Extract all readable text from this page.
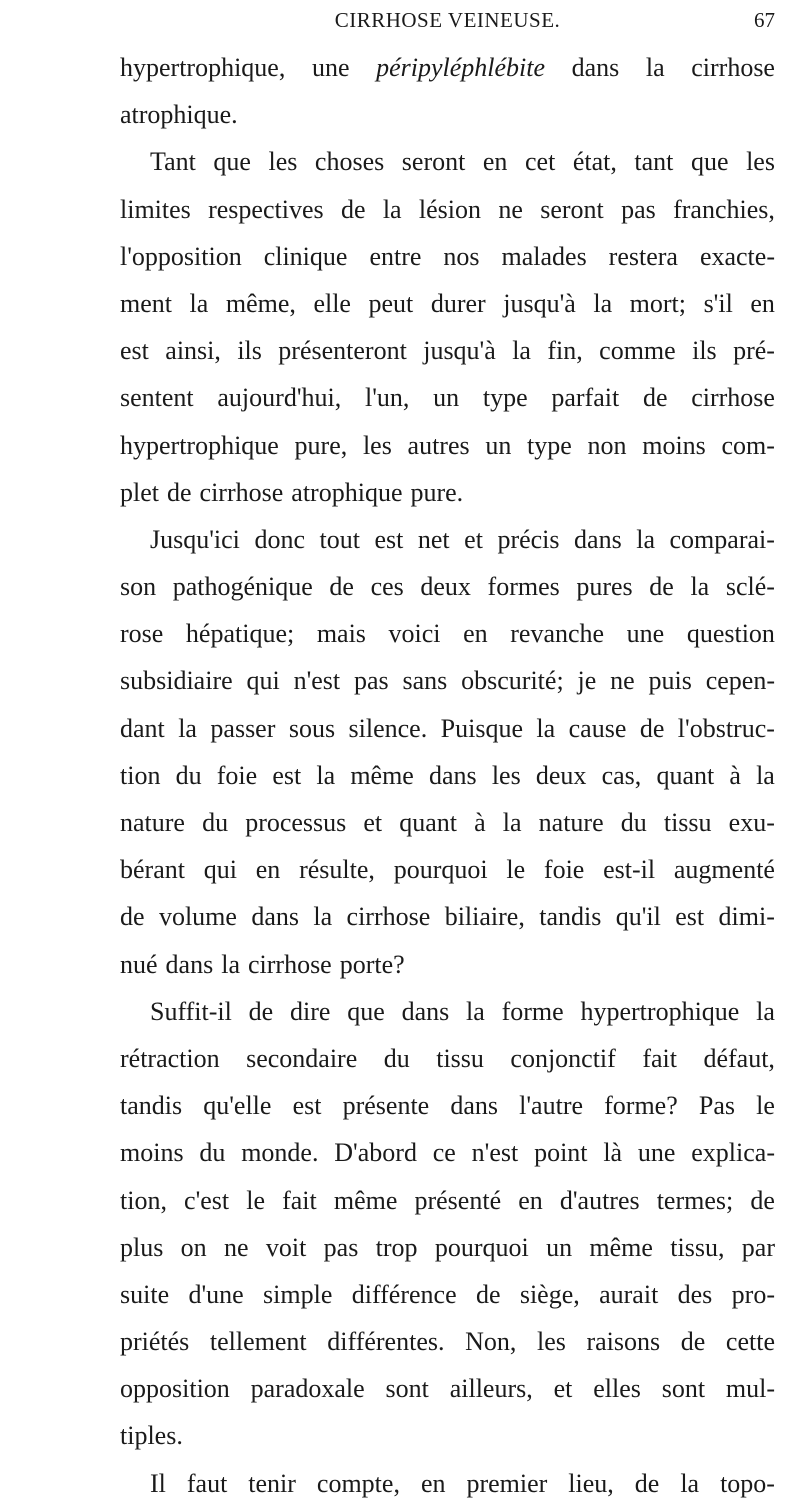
CIRRHOSE VEINEUSE.	67
hypertrophique, une péripyléphlébite dans la cirrhose
atrophique.
Tant que les choses seront en cet état, tant que les
limites respectives de la lésion ne seront pas franchies,
l'opposition clinique entre nos malades restera exacte-
ment la même, elle peut durer jusqu'à la mort; s'il en
est ainsi, ils présenteront jusqu'à la fin, comme ils pré-
sentent aujourd'hui, l'un, un type parfait de cirrhose
hypertrophique pure, les autres un type non moins com-
plet de cirrhose atrophique pure.
Jusqu'ici donc tout est net et précis dans la comparai-
son pathogénique de ces deux formes pures de la sclé-
rose hépatique; mais voici en revanche une question
subsidiaire qui n'est pas sans obscurité; je ne puis cepen-
dant la passer sous silence. Puisque la cause de l'obstruc-
tion du foie est la même dans les deux cas, quant à la
nature du processus et quant à la nature du tissu exu-
bérant qui en résulte, pourquoi le foie est-il augmenté
de volume dans la cirrhose biliaire, tandis qu'il est dimi-
nué dans la cirrhose porte?
Suffit-il de dire que dans la forme hypertrophique la
rétraction secondaire du tissu conjonctif fait défaut,
tandis qu'elle est présente dans l'autre forme? Pas le
moins du monde. D'abord ce n'est point là une explica-
tion, c'est le fait même présenté en d'autres termes; de
plus on ne voit pas trop pourquoi un même tissu, par
suite d'une simple différence de siège, aurait des pro-
priétés tellement différentes. Non, les raisons de cette
opposition paradoxale sont ailleurs, et elles sont mul-
tiples.
Il faut tenir compte, en premier lieu, de la topo-
